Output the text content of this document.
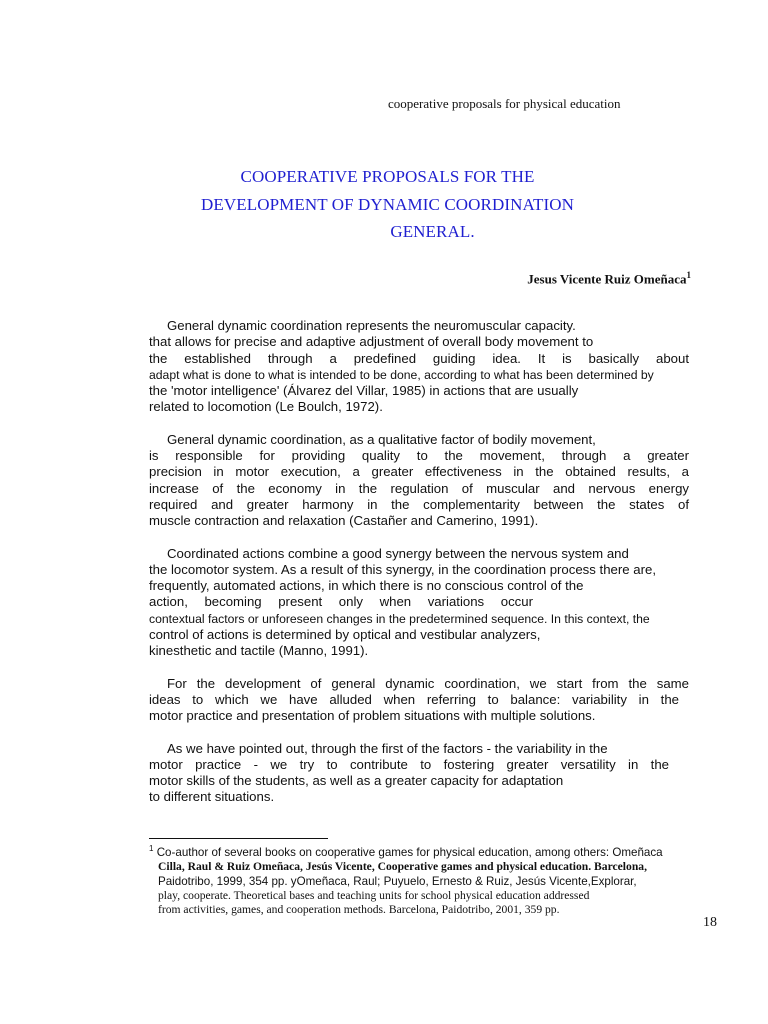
cooperative proposals for physical education
COOPERATIVE PROPOSALS FOR THE
DEVELOPMENT OF DYNAMIC COORDINATION
GENERAL.
Jesus Vicente Ruiz Omeñaca$^1$

General dynamic coordination represents the neuromuscular capacity.
that allows for precise and adaptive adjustment of overall body movement to
the established through a predefined guiding idea. It is basically about
adapt what is done to what is intended to be done, according to what has been determined by
the 'motor intelligence' (Álvarez del Villar, 1985) in actions that are usually
related to locomotion (Le Boulch, 1972).

General dynamic coordination, as a qualitative factor of bodily movement,
is responsible for providing quality to the movement, through a greater
precision in motor execution, a greater effectiveness in the obtained results, a
increase of the economy in the regulation of muscular and nervous energy
required and greater harmony in the complementarity between the states of
muscle contraction and relaxation (Castañer and Camerino, 1991).

Coordinated actions combine a good synergy between the nervous system and
the locomotor system. As a result of this synergy, in the coordination process there are,
frequently, automated actions, in which there is no conscious control of the
action, becoming present only when variations occur
contextual factors or unforeseen changes in the predetermined sequence. In this context, the
control of actions is determined by optical and vestibular analyzers,
kinesthetic and tactile (Manno, 1991).

For the development of general dynamic coordination, we start from the same
ideas to which we have alluded when referring to balance: variability in the
motor practice and presentation of problem situations with multiple solutions.

As we have pointed out, through the first of the factors - the variability in the
motor practice - we try to contribute to fostering greater versatility in the
motor skills of the students, as well as a greater capacity for adaptation
to different situations.

$^1$ Co-author of several books on cooperative games for physical education, among others: Omeñaca
Cilla, Raul & Ruiz Omeñaca, Jesús Vicente, Cooperative games and physical education. Barcelona,
Paidotribo, 1999, 354 pp. yOmeñaca, Raul; Puyuelo, Ernesto & Ruiz, Jesús Vicente,Explorar,
play, cooperate. Theoretical bases and teaching units for school physical education addressed
from activities, games, and cooperation methods. Barcelona, Paidotribo, 2001, 359 pp.
18
